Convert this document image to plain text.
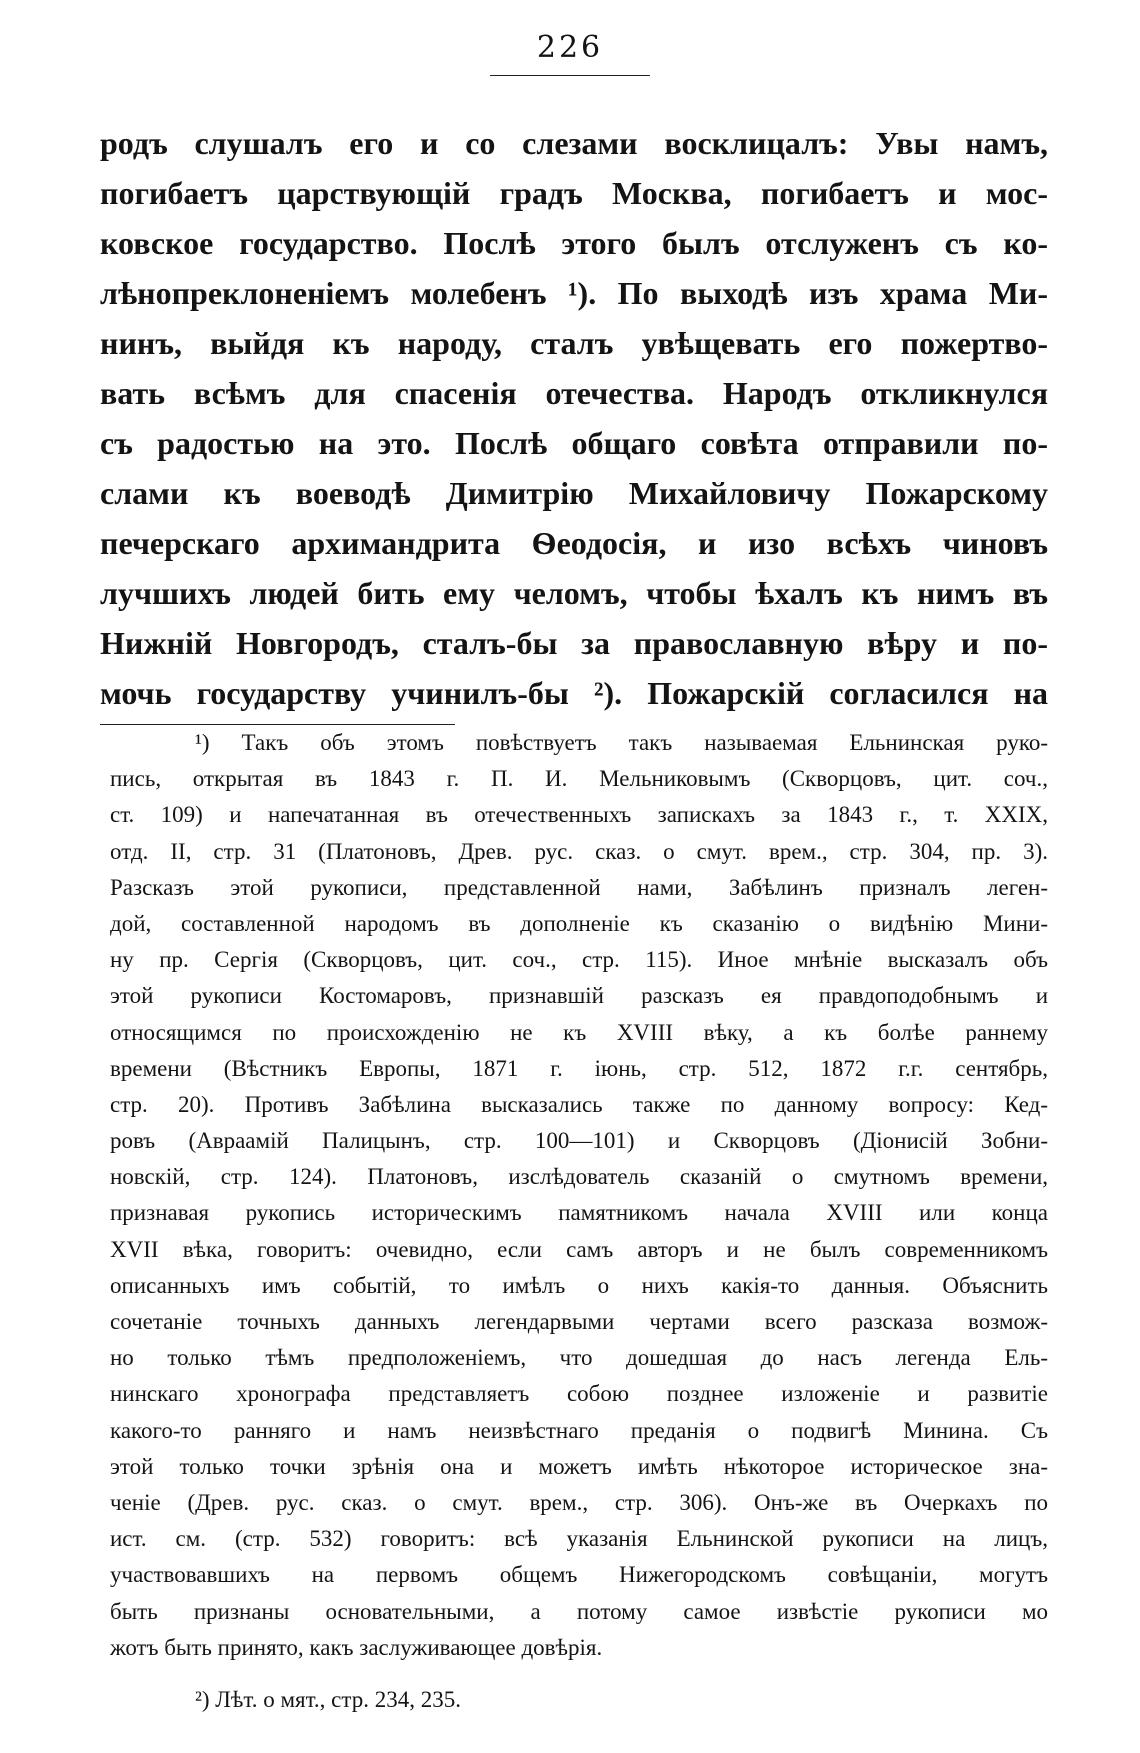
226
родъ слушалъ его и со слезами восклицалъ: Увы намъ,
погибаетъ царствующій градъ Москва, погибаетъ и мос-
ковское государство. Послѣ этого былъ отслуженъ съ ко-
лѣнопреклоненіемъ молебенъ ¹). По выходѣ изъ храма Ми-
нинъ, выйдя къ народу, сталъ увѣщевать его пожертво-
вать всѣмъ для спасенія отечества. Народъ откликнулся
съ радостью на это. Послѣ общаго совѣта отправили по-
слами къ воеводѣ Димитрію Михайловичу Пожарскому
печерскаго архимандрита Ѳеодосія, и изо всѣхъ чиновъ
лучшихъ людей бить ему челомъ, чтобы ѣхалъ къ нимъ въ
Нижній Новгородъ, сталъ-бы за православную вѣру и по-
мочь государству учинилъ-бы ²). Пожарскій согласился на
¹) Такъ объ этомъ повѣствуетъ такъ называемая Ельнинская руко-
пись, открытая въ 1843 г. П. И. Мельниковымъ (Скворцовъ, цит. соч.,
ст. 109) и напечатанная въ отечественныхъ запискахъ за 1843 г., т. XXIX,
отд. II, стр. 31 (Платоновъ, Древ. рус. сказ. о смут. врем., стр. 304, пр. 3).
Разсказъ этой рукописи, представленной нами, Забѣлинъ призналъ леген-
дой, составленной народомъ въ дополненіе къ сказанію о видѣнію Мини-
ну пр. Сергія (Скворцовъ, цит. соч., стр. 115). Иное мнѣніе высказалъ объ
этой рукописи Костомаровъ, признавшій разсказъ ея правдоподобнымъ и
относящимся по происхожденію не къ XVIII вѣку, а къ болѣе раннему
времени (Вѣстникъ Европы, 1871 г. іюнь, стр. 512, 1872 г.г. сентябрь,
стр. 20). Противъ Забѣлина высказались также по данному вопросу: Кед-
ровъ (Авраамій Палицынъ, стр. 100—101) и Скворцовъ (Діонисій Зобни-
новскій, стр. 124). Платоновъ, изслѣдователь сказаній о смутномъ времени,
признавая рукопись историческимъ памятникомъ начала XVIII или конца
XVII вѣка, говоритъ: очевидно, если самъ авторъ и не былъ современникомъ
описанныхъ имъ событій, то имѣлъ о нихъ какія-то данныя. Объяснить
сочетаніе точныхъ данныхъ легендарвыми чертами всего разсказа возмож-
но только тѣмъ предположеніемъ, что дошедшая до насъ легенда Ель-
нинскаго хронографа представляетъ собою позднее изложеніе и развитіе
какого-то ранняго и намъ неизвѣстнаго преданія о подвигѣ Минина. Съ
этой только точки зрѣнія она и можетъ имѣть нѣкоторое историческое зна-
ченіе (Древ. рус. сказ. о смут. врем., стр. 306). Онъ-же въ Очеркахъ по
ист. см. (стр. 532) говоритъ: всѣ указанія Ельнинской рукописи на лицъ,
участвовавшихъ на первомъ общемъ Нижегородскомъ совѣщаніи, могутъ
быть признаны основательными, а потому самое извѣстіе рукописи мо
жотъ быть принято, какъ заслуживающее довѣрія.
²) Лѣт. о мят., стр. 234, 235.
